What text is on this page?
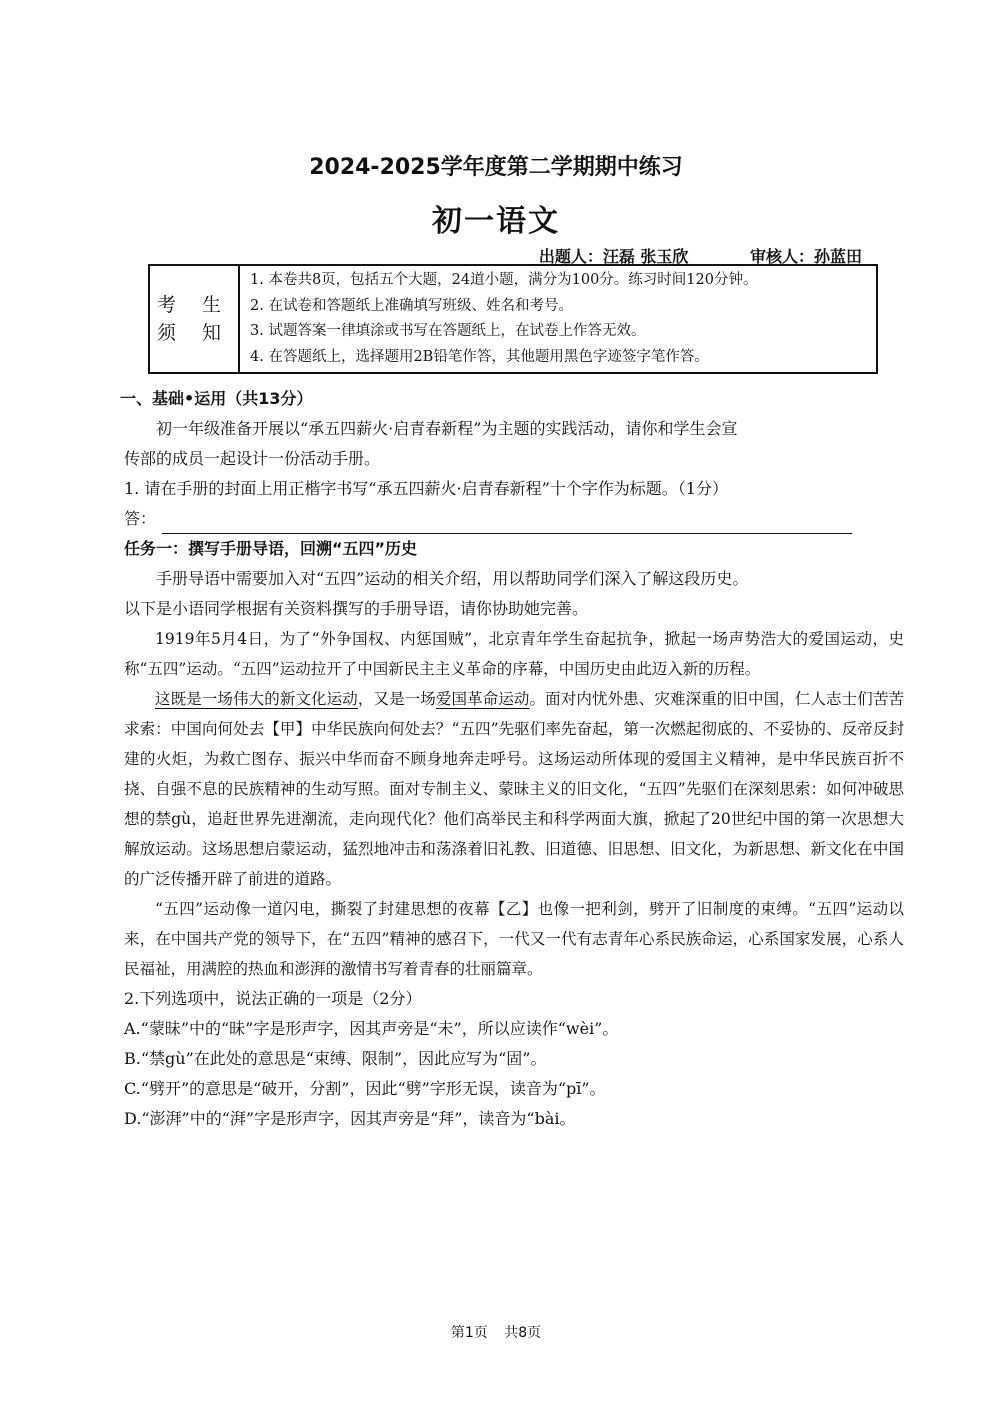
2024-2025学年度第二学期期中练习
初一语文
出题人：汪磊 张玉欣	审核人：孙蓝田
考 生
须 知
1. 本卷共8页，包括五个大题，24道小题，满分为100分。练习时间120分钟。
2. 在试卷和答题纸上准确填写班级、姓名和考号。
3. 试题答案一律填涂或书写在答题纸上，在试卷上作答无效。
4. 在答题纸上，选择题用2B铅笔作答，其他题用黑色字迹签字笔作答。
一、基础•运用（共13分）
初一年级准备开展以“承五四薪火·启青春新程”为主题的实践活动，请你和学生会宣
传部的成员一起设计一份活动手册。
1. 请在手册的封面上用正楷字书写“承五四薪火·启青春新程”十个字作为标题。（1分）
答：
任务一：撰写手册导语，回溯“五四”历史
手册导语中需要加入对“五四”运动的相关介绍，用以帮助同学们深入了解这段历史。
以下是小语同学根据有关资料撰写的手册导语，请你协助她完善。
1919年5月4日，为了“外争国权、内惩国贼”，北京青年学生奋起抗争，掀起一场声势浩大的爱国运动，史称“五四”运动。“五四”运动拉开了中国新民主主义革命的序幕，中国历史由此迈入新的历程。
这既是一场伟大的新文化运动，又是一场爱国革命运动。面对内忧外患、灾难深重的旧中国，仁人志士们苦苦求索：中国向何处去【甲】中华民族向何处去？“五四”先驱们率先奋起，第一次燃起彻底的、不妥协的、反帝反封建的火炬，为救亡图存、振兴中华而奋不顾身地奔走呼号。这场运动所体现的爱国主义精神，是中华民族百折不挠、自强不息的民族精神的生动写照。面对专制主义、蒙昧主义的旧文化，“五四”先驱们在深刻思索：如何冲破思想的禁gù，追赶世界先进潮流，走向现代化？他们高举民主和科学两面大旗，掀起了20世纪中国的第一次思想大解放运动。这场思想启蒙运动，猛烈地冲击和荡涤着旧礼教、旧道德、旧思想、旧文化，为新思想、新文化在中国的广泛传播开辟了前进的道路。
“五四”运动像一道闪电，撕裂了封建思想的夜幕【乙】也像一把利剑，劈开了旧制度的束缚。“五四”运动以来，在中国共产党的领导下，在“五四”精神的感召下，一代又一代有志青年心系民族命运，心系国家发展，心系人民福祉，用满腔的热血和澎湃的激情书写着青春的壮丽篇章。
2.下列选项中，说法正确的一项是（2分）
A.“蒙昧”中的“昧”字是形声字，因其声旁是“未”，所以应读作“wèi”。
B.“禁gù”在此处的意思是“束缚、限制”，因此应写为“固”。
C.“劈开”的意思是“破开，分割”，因此“劈”字形无误，读音为“pī”。
D.“澎湃”中的“湃”字是形声字，因其声旁是“拜”，读音为“bài。
第1页 共8页
